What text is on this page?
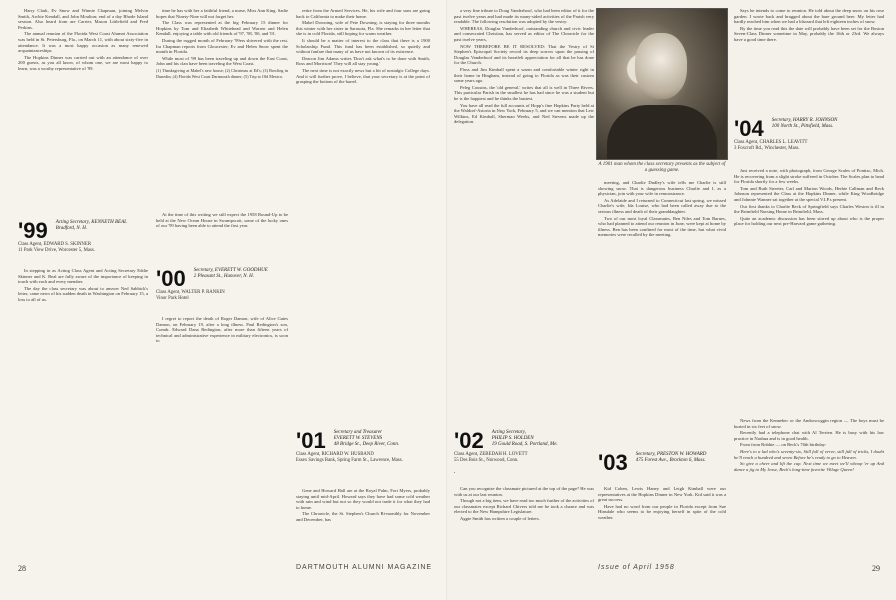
Harry Clark, Ev Snow and Winnie Chapman, joining Melvin Smith, Archie Kendall, and John Moulton; end of a day Rhode Island session. Also heard from are Carrier, Mason Littlefield and Fred Perkins.

The annual reunion of the Florida West Coast Alumni Association was held in St. Petersburg, Fla., on March 11, with about sixty-five in attendance. It was a most happy occasion as many renewed acquaintanceships.

The Hopkins Dinner was carried out with an attendance of over 200 guests, as you all know, of whom one, we are most happy to learn, was a worthy representative of '99.

'99 Acting Secretary, KENNETH BEAL
Bradford, N. H.
Class Agent, EDWARD S. SKINNER
11 Park View Drive, Worcester 5, Mass.

In stepping in as Acting Class Agent and Acting Secretary Eddie Skinner and K. Beal are fully aware of the importance of keeping in touch with each and every member.

The day the class secretary was about to answer Ned Sabbick's letter, came news of his sudden death in Washington on February 15, a loss to all of us.

time he has with her a faithful friend, a nurse, Miss Ann King. Sadie hopes that Ninety-Nine will not forget her.

The Class was represented at the big February 15 dinner for Hopkins by Tom and Elizabeth Whitehead and Warren and Helen Kendall, enjoying a table with old friends of '97, '98, '00, and '01.

During the rugged month of February '99ers shivered with the rest. Ira Chapman reports from Gloucester; Ev and Helen Snow spent the month in Florida.

While most of '99 has been traveling up and down the East Coast, John and his clan have been traveling the West Coast.

(1) Thanksgiving at Mabel's new house; (2) Christmas at Ed's; (3) Bowling in Dunedin; (4) Florida West Coast Dartmouth dinner; (5) Trip to Old Mexico.

At the time of this writing we still expect the 1958 Round-Up to be held at the New Ocean House in Swampscott, some of the lucky ones of our '99 having been able to attend the first year.

'00 Secretary, EVERETT W. GOODHUE
2 Pleasant St., Hanover, N. H.
Class Agent, WALTER P. RANKIN
Vinor Park Hotel

I regret to report the death of Roger Damon, wife of Alice Gates Damon, on February 19, after a long illness. Paul Redington's son, Comdr. Edward Dana Redington, after more than fifteen years of technical and administrative experience in military electronics, is soon to

retire from the Armed Services. He, his wife and four sons are going back to California to make their home.

Mabel Downing, wife of Pete Downing, is staying for three months this winter with her sister in Sarasota, Fla. She remarks in her letter that she is in cold Florida, still hoping for warm weather.

It should be a matter of interest to the class that there is a 1900 Scholarship Fund. This fund has been established, so quietly and without fanfare that many of us have not known of its existence.

Deacon Jim Adams writes 'Don't ask what's to be done with Smith, Ross and Morrison! They will all stay young.'

The next time is not exactly news but a bit of nostalgic College days. And it will further prove, I believe, that your secretary is at the point of grasping the bottom of the barrel.

'01 Secretary and Treasurer
EVERETT W. STEVENS
48 Bridge St., Deep River, Conn.
Class Agent, RICHARD W. HUSBAND
Essex Savings Bank, Spring Farm St., Lawrence, Mass.

Gene and Howard Hall are at the Royal Palm, Fort Myers, probably staying until mid-April. Howard says they have had some cold weather with rain and wind but not so they would not trade it for what they had to home.

The Chronicle, the St. Stephen's Church Bi-monthly for November and December, has

28	DARTMOUTH ALUMNI MAGAZINE

a very fine tribute to Doug Vanderhoof, who had been editor of it for the past twelve years and had made its many-sided activities of the Parish very readable. The following resolution was adopted by the vestry:

WHEREAS, Douglas Vanderhoof, outstanding church and civic leader and consecrated Christian, has served as editor of The Chronicle for the past twelve years,

NOW THEREFORE BE IT RESOLVED: That the Vestry of St Stephen's Episcopal Society record its deep sorrow upon the passing of Douglas Vanderhoof and its heartfelt appreciation for all that he has done for the Church.

Floss and Jim Kimball spent a warm and comfortable winter right in their home in Hingham, instead of going to Florida as was their custom some years ago.

Peleg Cousins, the 'old general,' writes that all is well in Three Rivers. This particular Parish in the smallest he has had since he was a student but he is the happiest and he thinks the busiest.

You have all read the full accounts of Hopp's fine Hopkins Party held at the Waldorf-Astoria in New York, February 5, and we can mention that Lew Wilkins, Ed Kimball, Sherman Weeks, and Ned Stevens made up the delegation.

A 1901 man whom the class secretary presents as the subject of a guessing game.

meeting, and Charlie Dudley's wife tells me Charlie is still showing snow. That is dangerous business Charlie and I, as a physician, join with your wife in remonstrance.

As Adelaide and I returned to Connecticut last spring, we missed Charlie's wife, Ida Louise, who had been called away due to the serious illness and death of their granddaughter.

Two of our most loyal Classmates, Ben Niles and Tom Barnes, who had planned to attend our reunion in June, were kept at home by illness. Ben has been confined for most of the time, but what vivid memories were recalled by the meeting.

'02 Acting Secretary,
PHILIP S. HOLDEN
19 Gould Road, S. Portland, Me.
Class Agent, ZEBEDAH H. LOVETT
55 Des Bois St., Norwood, Conn.

Can you recognize the classmate pictured at the top of the page? He was with us at our last reunion.

Though not a big item, we have read too much further of the activities of our classmates except Richard Chivers told me he took a chance and was elected to the New Hampshire Legislature.

Aggie Smith has written a couple of letters.

Kid Cohen, Lewis Haney and Leigh Kimball were our representatives at the Hopkins Dinner in New York. Kid said it was a great success.

Have had no word from our people in Florida except from Sue Hinsdale who seems to be enjoying herself in spite of the cold weather.

Says he intends to come to reunion. He told about the deep snow on his rose garden. I wrote back and bragged about the bare ground here. My letter had hardly reached him when we had a blizzard that left eighteen inches of snow.

By the time you read this the date will probably have been set for the Boston Seven-Class Dinner sometime in May, probably the 16th or 23rd. We always have a good time there.

'04 Secretary, HARRY R. JOHNSON
100 North St., Pittsfield, Mass.
Class Agent, CHARLES L. LEAVITT
3 Foxcroft Rd., Winchester, Mass.

Just received a note, with photograph, from George Scales of Pontiac, Mich. He is recovering from a slight stroke suffered in October. The Scales plan to head for Florida shortly for a few weeks.

Tom and Ruth Streeter, Carl and Marion Woods, Herbie Callman and Beck Johnson represented the Class at the Hopkins Dinner, while King Woodbridge and Johnnie Wanner sat together at the special V.I.P.s present.

Our first thanks to Charlie Beck of Springfield says Charles Weston is ill in the Brimfield Nursing Home in Brimfield, Mass.

Quite an academic discussion has been stirred up about who is the proper place for holding our next pre-Harvard game gathering.

'03 Secretary, PRESTON W. HOWARD
475 Forest Ave., Brockton 6, Mass.

News from the Kennebec or the Androscoggin region — The boys must be buried in six feet of snow.

Recently had a telephone chat with Al Terrien. He is busy with his law practice in Nashua and is in good health.

From from Robbie — on Beck's 76th birthday:

Here's to a lad who's seventy-six, Still full of verve, still full of tricks, I doubt he'll reach a hundred and seven Before he's ready to go to Heaven.

So give a cheer and lift the cup. Next time we meet we'll whoop 'er up And dance a jig to My Jesse, Beck's long-time favorite Village Queen!

Issue of April 1958	29
